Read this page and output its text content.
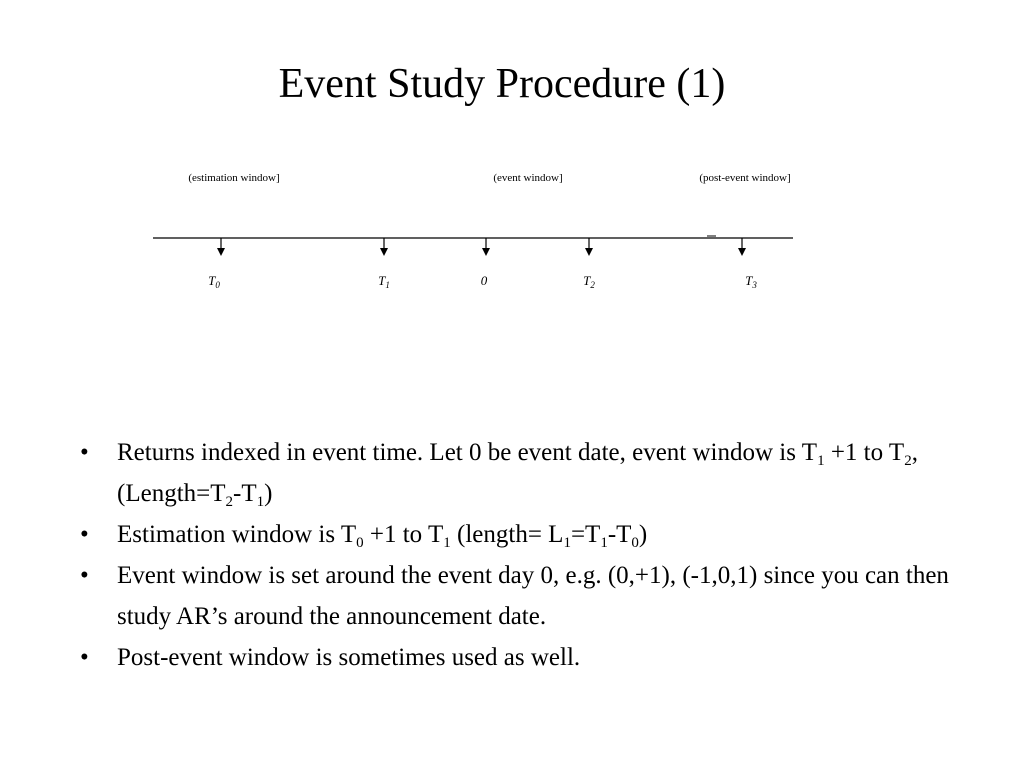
Event Study Procedure (1)
(estimation window]	(event window]	(post-event window]
$T_0$	$T_1$	0	$T_2$	$T_3$
• Returns indexed in event time. Let 0 be event date, event window is $T_1 +1$ to $T_2$, $(Length=T_2-T_1)$
• Estimation window is $T_0 +1$ to $T_1$ (length= $L_1=T_1-T_0$)
• Event window is set around the event day 0, e.g. (0,+1), (-1,0,1) since you can then study AR’s around the announcement date.
• Post-event window is sometimes used as well.
